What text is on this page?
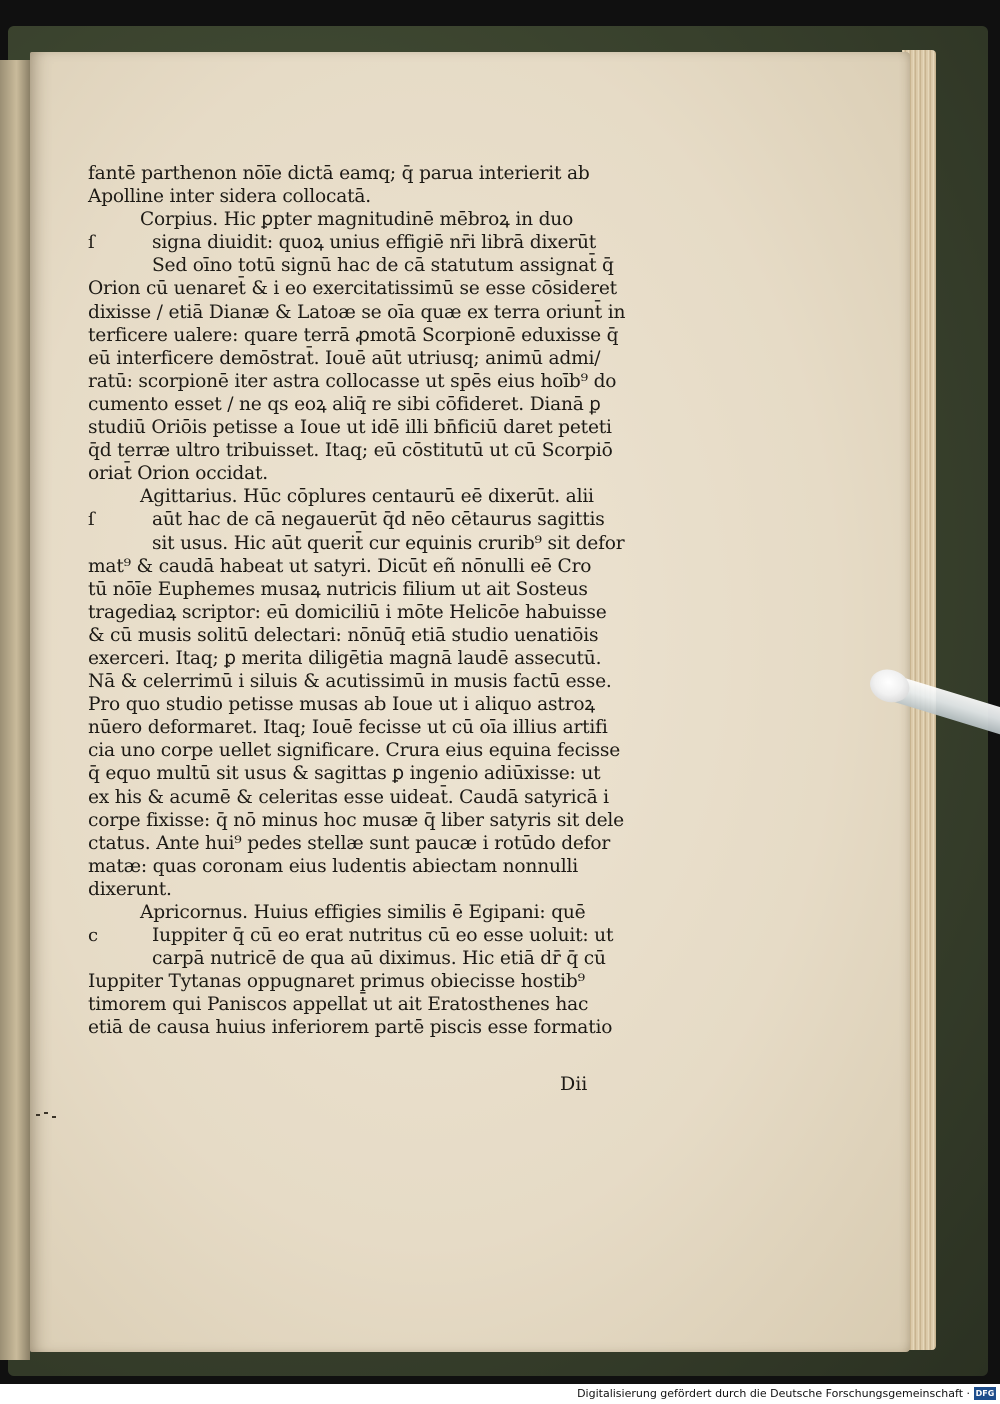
fantē parthenon nōīe dictā eamq; q̄ parua interierit ab
Apolline inter sidera collocatā.
Corpius. Hic ꝑpter magnitudinē mēbroꝝ in duo
ſ	signa diuidit: quoꝝ unius effigiē nr̄i librā dixerūt
Sed oīno totū signū hac de cā statutum assignat̄ q̄
Orion cū uenaret̄ & i eo exercitatissimū se esse cōsideret
dixisse / etiā Dianæ & Latoæ se oīa quæ ex terra oriunt̄ in
terficere ualere: quare terrā ꝓmotā Scorpionē eduxisse q̄
eū interficere demōstrat̄. Iouē aūt utriusq; animū admi/
ratū: scorpionē iter astra collocasse ut spēs eius hoīb⁹ do
cumento esset / ne qs eoꝝ aliq̄ re sibi cōfideret. Dianā ꝑ
studiū Oriōis petisse a Ioue ut idē illi bn̄ficiū daret peteti
q̄d terræ ultro tribuisset. Itaq; eū cōstitutū ut cū Scorpiō
oriat̄ Orion occidat.
Agittarius. Hūc cōplures centaurū eē dixerūt. alii
ſ	aūt hac de cā negauerūt q̄d nēo cētaurus sagittis
sit usus. Hic aūt querit̄ cur equinis crurib⁹ sit defor
mat⁹ & caudā habeat ut satyri. Dicūt eñ nōnulli eē Cro
tū nōīe Euphemes musaꝝ nutricis filium ut ait Sosteus
tragediaꝝ scriptor: eū domiciliū i mōte Helicōe habuisse
& cū musis solitū delectari: nōnūq̄ etiā studio uenatiōis
exerceri. Itaq; ꝑ merita diligētia magnā laudē assecutū.
Nā & celerrimū i siluis & acutissimū in musis factū esse.
Pro quo studio petisse musas ab Ioue ut i aliquo astroꝝ
nūero deformaret. Itaq; Iouē fecisse ut cū oīa illius artifi
cia uno corpe uellet significare. Crura eius equina fecisse
q̄ equo multū sit usus & sagittas ꝑ ingenio adiūxisse: ut
ex his & acumē & celeritas esse uideat̄. Caudā satyricā i
corpe fixisse: q̄ nō minus hoc musæ q̄ liber satyris sit dele
ctatus. Ante hui⁹ pedes stellæ sunt paucæ i rotūdo defor
matæ: quas coronam eius ludentis abiectam nonnulli
dixerunt.
Apricornus. Huius effigies similis ē Egipani: quē
c	Iuppiter q̄ cū eo erat nutritus cū eo esse uoluit: ut
carpā nutricē de qua aū diximus. Hic etiā dr̄ q̄ cū
Iuppiter Tytanas oppugnaret primus obiecisse hostib⁹
timorem qui Paniscos appellat̄ ut ait Eratosthenes hac
etiā de causa huius inferiorem partē piscis esse formatio
Dii
Digitalisierung gefördert durch die Deutsche Forschungsgemeinschaft · DFG
